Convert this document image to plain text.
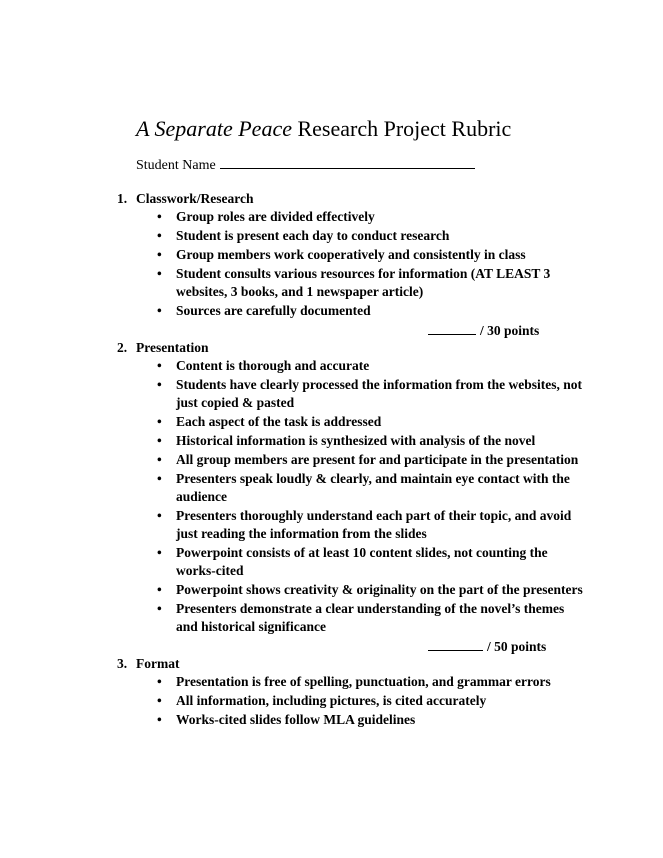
A Separate Peace Research Project Rubric
Student Name
1. Classwork/Research
• Group roles are divided effectively
• Student is present each day to conduct research
• Group members work cooperatively and consistently in class
• Student consults various resources for information (AT LEAST 3 websites, 3 books, and 1 newspaper article)
• Sources are carefully documented
/ 30 points
2. Presentation
• Content is thorough and accurate
• Students have clearly processed the information from the websites, not just copied & pasted
• Each aspect of the task is addressed
• Historical information is synthesized with analysis of the novel
• All group members are present for and participate in the presentation
• Presenters speak loudly & clearly, and maintain eye contact with the audience
• Presenters thoroughly understand each part of their topic, and avoid just reading the information from the slides
• Powerpoint consists of at least 10 content slides, not counting the works-cited
• Powerpoint shows creativity & originality on the part of the presenters
• Presenters demonstrate a clear understanding of the novel’s themes and historical significance
/ 50 points
3. Format
• Presentation is free of spelling, punctuation, and grammar errors
• All information, including pictures, is cited accurately
• Works-cited slides follow MLA guidelines
